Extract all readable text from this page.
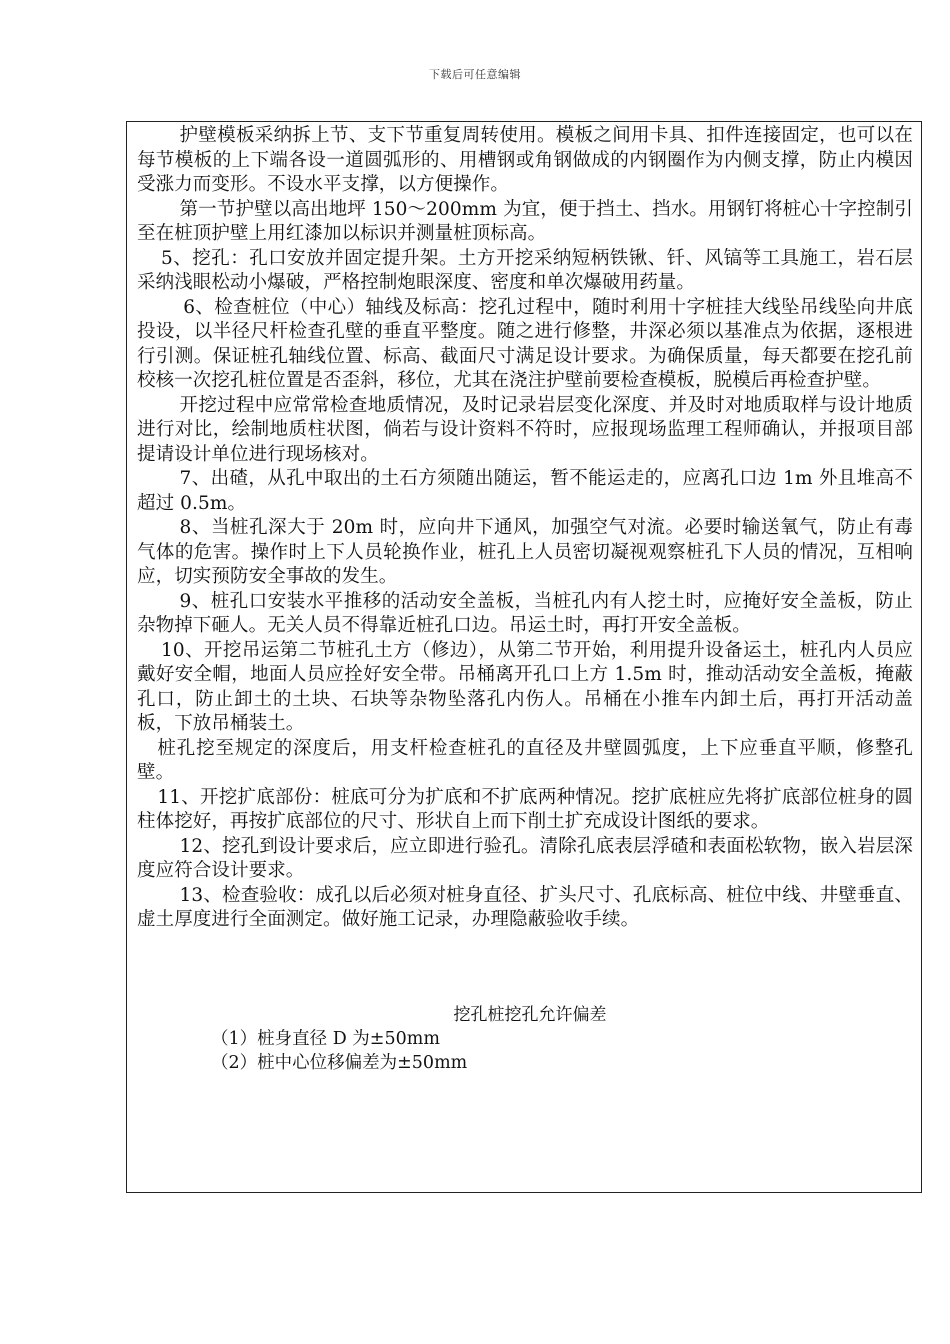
下载后可任意编辑

护壁模板采纳拆上节、支下节重复周转使用。模板之间用卡具、扣件连接固定，也可以在每节模板的上下端各设一道圆弧形的、用槽钢或角钢做成的内钢圈作为内侧支撑，防止内模因受涨力而变形。不设水平支撑，以方便操作。

第一节护壁以高出地坪 150～200mm 为宜，便于挡土、挡水。用钢钉将桩心十字控制引至在桩顶护壁上用红漆加以标识并测量桩顶标高。

5、挖孔：孔口安放并固定提升架。土方开挖采纳短柄铁锹、钎、风镐等工具施工，岩石层采纳浅眼松动小爆破，严格控制炮眼深度、密度和单次爆破用药量。

6、检查桩位（中心）轴线及标高：挖孔过程中，随时利用十字桩挂大线坠吊线坠向井底投设，以半径尺杆检查孔壁的垂直平整度。随之进行修整，井深必须以基准点为依据，逐根进行引测。保证桩孔轴线位置、标高、截面尺寸满足设计要求。为确保质量，每天都要在挖孔前校核一次挖孔桩位置是否歪斜，移位，尤其在浇注护壁前要检查模板，脱模后再检查护壁。

开挖过程中应常常检查地质情况，及时记录岩层变化深度、并及时对地质取样与设计地质进行对比，绘制地质柱状图，倘若与设计资料不符时，应报现场监理工程师确认，并报项目部提请设计单位进行现场核对。

7、出碴，从孔中取出的土石方须随出随运，暂不能运走的，应离孔口边 1m 外且堆高不超过 0.5m。

8、当桩孔深大于 20m 时，应向井下通风，加强空气对流。必要时输送氧气，防止有毒气体的危害。操作时上下人员轮换作业，桩孔上人员密切凝视观察桩孔下人员的情况，互相响应，切实预防安全事故的发生。

9、桩孔口安装水平推移的活动安全盖板，当桩孔内有人挖土时，应掩好安全盖板，防止杂物掉下砸人。无关人员不得靠近桩孔口边。吊运土时，再打开安全盖板。

10、开挖吊运第二节桩孔土方（修边），从第二节开始，利用提升设备运土，桩孔内人员应戴好安全帽，地面人员应拴好安全带。吊桶离开孔口上方 1.5m 时，推动活动安全盖板，掩蔽孔口，防止卸土的土块、石块等杂物坠落孔内伤人。吊桶在小推车内卸土后，再打开活动盖板，下放吊桶装土。

桩孔挖至规定的深度后，用支杆检查桩孔的直径及井壁圆弧度，上下应垂直平顺，修整孔壁。

11、开挖扩底部份：桩底可分为扩底和不扩底两种情况。挖扩底桩应先将扩底部位桩身的圆柱体挖好，再按扩底部位的尺寸、形状自上而下削土扩充成设计图纸的要求。

12、挖孔到设计要求后，应立即进行验孔。清除孔底表层浮碴和表面松软物，嵌入岩层深度应符合设计要求。

13、检查验收：成孔以后必须对桩身直径、扩头尺寸、孔底标高、桩位中线、井壁垂直、虚土厚度进行全面测定。做好施工记录，办理隐蔽验收手续。

挖孔桩挖孔允许偏差

（1）桩身直径 D 为±50mm

（2）桩中心位移偏差为±50mm
